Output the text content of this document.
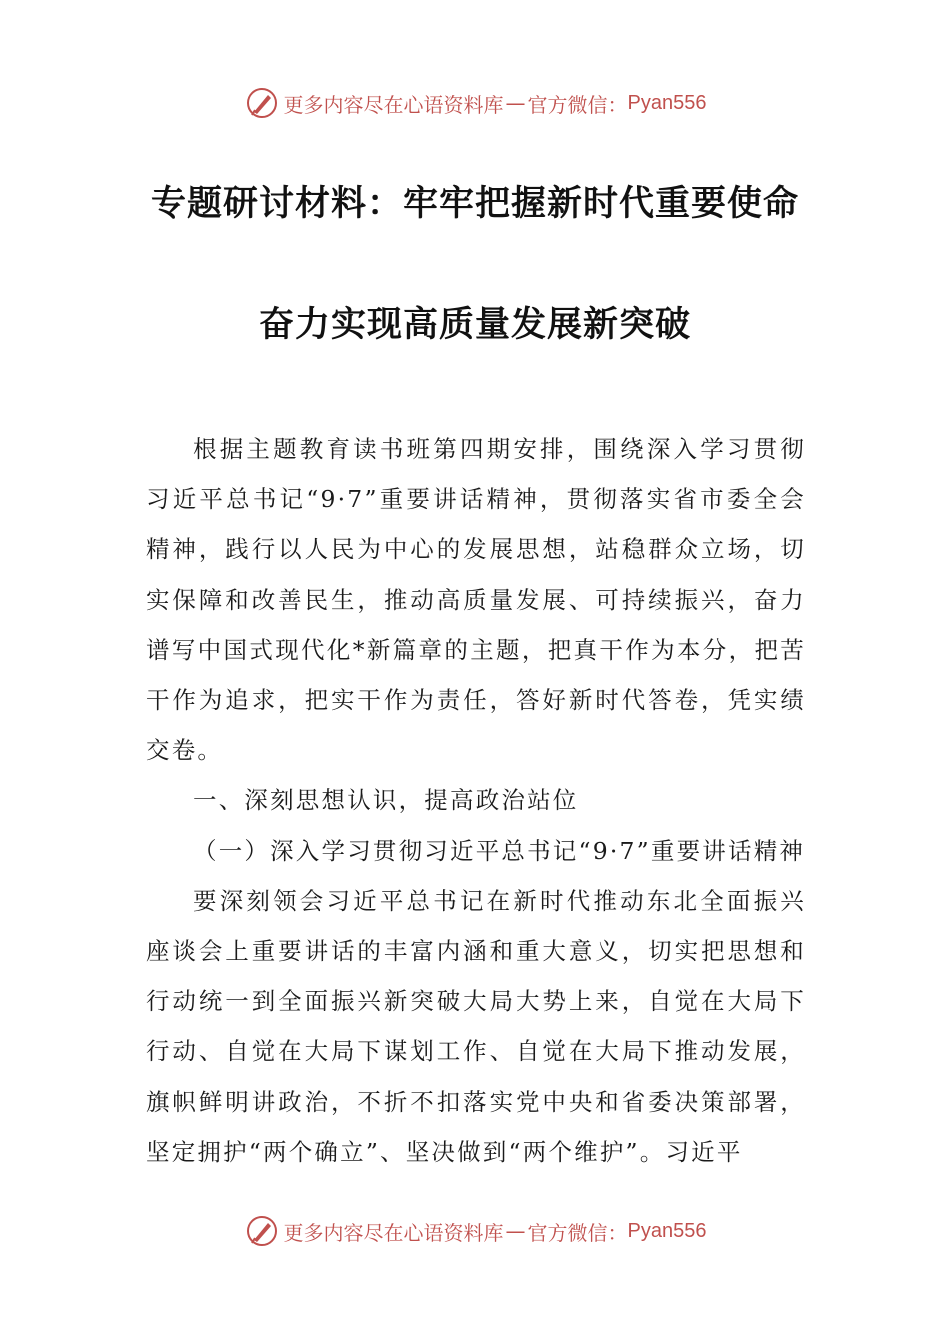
更多内容尽在心语资料库 — 官方微信： Pyan556
专题研讨材料：牢牢把握新时代重要使命
奋力实现高质量发展新突破

根据主题教育读书班第四期安排，围绕深入学习贯彻习近平总书记“9·7”重要讲话精神，贯彻落实省市委全会精神，践行以人民为中心的发展思想，站稳群众立场，切实保障和改善民生，推动高质量发展、可持续振兴，奋力谱写中国式现代化*新篇章的主题，把真干作为本分，把苦干作为追求，把实干作为责任，答好新时代答卷，凭实绩交卷。

一、深刻思想认识，提高政治站位

（一）深入学习贯彻习近平总书记“9·7”重要讲话精神

要深刻领会习近平总书记在新时代推动东北全面振兴座谈会上重要讲话的丰富内涵和重大意义，切实把思想和行动统一到全面振兴新突破大局大势上来，自觉在大局下行动、自觉在大局下谋划工作、自觉在大局下推动发展，旗帜鲜明讲政治，不折不扣落实党中央和省委决策部署，坚定拥护“两个确立”、坚决做到“两个维护”。习近平

更多内容尽在心语资料库 — 官方微信： Pyan556
